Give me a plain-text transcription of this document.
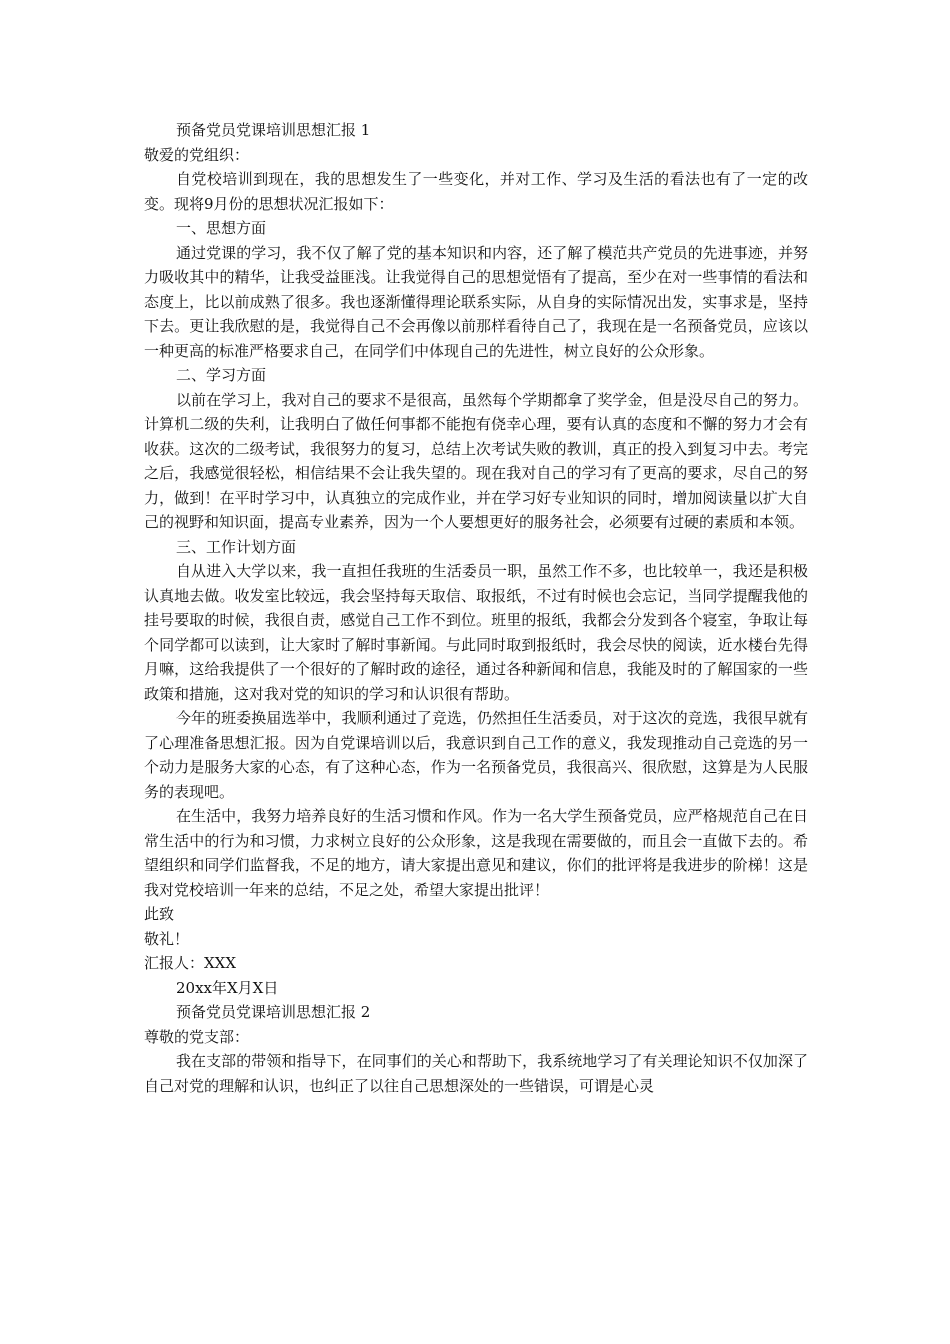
预备党员党课培训思想汇报 1

敬爱的党组织：

自党校培训到现在，我的思想发生了一些变化，并对工作、学习及生活的看法也有了一定的改变。现将9月份的思想状况汇报如下：

一、思想方面

通过党课的学习，我不仅了解了党的基本知识和内容，还了解了模范共产党员的先进事迹，并努力吸收其中的精华，让我受益匪浅。让我觉得自己的思想觉悟有了提高，至少在对一些事情的看法和态度上，比以前成熟了很多。我也逐渐懂得理论联系实际，从自身的实际情况出发，实事求是，坚持下去。更让我欣慰的是，我觉得自己不会再像以前那样看待自己了，我现在是一名预备党员，应该以一种更高的标准严格要求自己，在同学们中体现自己的先进性，树立良好的公众形象。

二、学习方面

以前在学习上，我对自己的要求不是很高，虽然每个学期都拿了奖学金，但是没尽自己的努力。计算机二级的失利，让我明白了做任何事都不能抱有侥幸心理，要有认真的态度和不懈的努力才会有收获。这次的二级考试，我很努力的复习，总结上次考试失败的教训，真正的投入到复习中去。考完之后，我感觉很轻松，相信结果不会让我失望的。现在我对自己的学习有了更高的要求，尽自己的努力，做到！在平时学习中，认真独立的完成作业，并在学习好专业知识的同时，增加阅读量以扩大自己的视野和知识面，提高专业素养，因为一个人要想更好的服务社会，必须要有过硬的素质和本领。

三、工作计划方面

自从进入大学以来，我一直担任我班的生活委员一职，虽然工作不多，也比较单一，我还是积极认真地去做。收发室比较远，我会坚持每天取信、取报纸，不过有时候也会忘记，当同学提醒我他的挂号要取的时候，我很自责，感觉自己工作不到位。班里的报纸，我都会分发到各个寝室，争取让每个同学都可以读到，让大家时了解时事新闻。与此同时取到报纸时，我会尽快的阅读，近水楼台先得月嘛，这给我提供了一个很好的了解时政的途径，通过各种新闻和信息，我能及时的了解国家的一些政策和措施，这对我对党的知识的学习和认识很有帮助。

今年的班委换届选举中，我顺利通过了竞选，仍然担任生活委员，对于这次的竞选，我很早就有了心理准备思想汇报。因为自党课培训以后，我意识到自己工作的意义，我发现推动自己竞选的另一个动力是服务大家的心态，有了这种心态，作为一名预备党员，我很高兴、很欣慰，这算是为人民服务的表现吧。

在生活中，我努力培养良好的生活习惯和作风。作为一名大学生预备党员，应严格规范自己在日常生活中的行为和习惯，力求树立良好的公众形象，这是我现在需要做的，而且会一直做下去的。希望组织和同学们监督我，不足的地方，请大家提出意见和建议，你们的批评将是我进步的阶梯！这是我对党校培训一年来的总结，不足之处，希望大家提出批评！

此致

敬礼！

汇报人：XXX

20xx年X月X日

预备党员党课培训思想汇报 2

尊敬的党支部：

我在支部的带领和指导下，在同事们的关心和帮助下，我系统地学习了有关理论知识不仅加深了自己对党的理解和认识，也纠正了以往自己思想深处的一些错误，可谓是心灵
